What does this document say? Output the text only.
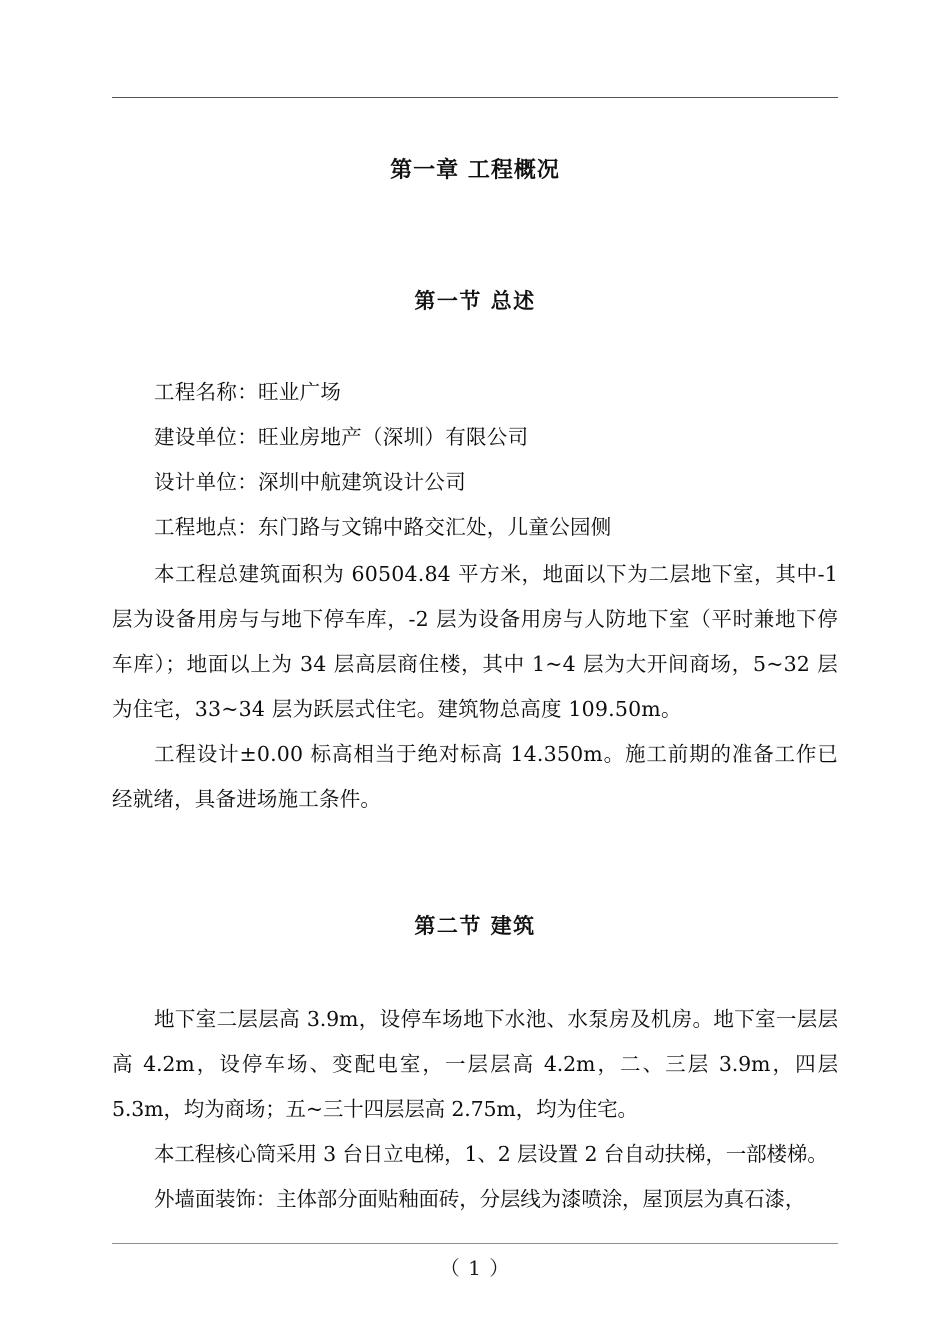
第一章 工程概况
第一节 总述
工程名称：旺业广场
建设单位：旺业房地产（深圳）有限公司
设计单位：深圳中航建筑设计公司
工程地点：东门路与文锦中路交汇处，儿童公园侧

本工程总建筑面积为 60504.84 平方米，地面以下为二层地下室，其中-1 层为设备用房与与地下停车库，-2 层为设备用房与人防地下室（平时兼地下停车库）；地面以上为 34 层高层商住楼，其中 1~4 层为大开间商场，5~32 层为住宅，33~34 层为跃层式住宅。建筑物总高度 109.50m。

工程设计±0.00 标高相当于绝对标高 14.350m。施工前期的准备工作已经就绪，具备进场施工条件。

第二节 建筑

地下室二层层高 3.9m，设停车场地下水池、水泵房及机房。地下室一层层高 4.2m，设停车场、变配电室，一层层高 4.2m，二、三层 3.9m，四层 5.3m，均为商场；五~三十四层层高 2.75m，均为住宅。

本工程核心筒采用 3 台日立电梯，1、2 层设置 2 台自动扶梯，一部楼梯。

外墙面装饰：主体部分面贴釉面砖，分层线为漆喷涂，屋顶层为真石漆，

（ 1 ）
